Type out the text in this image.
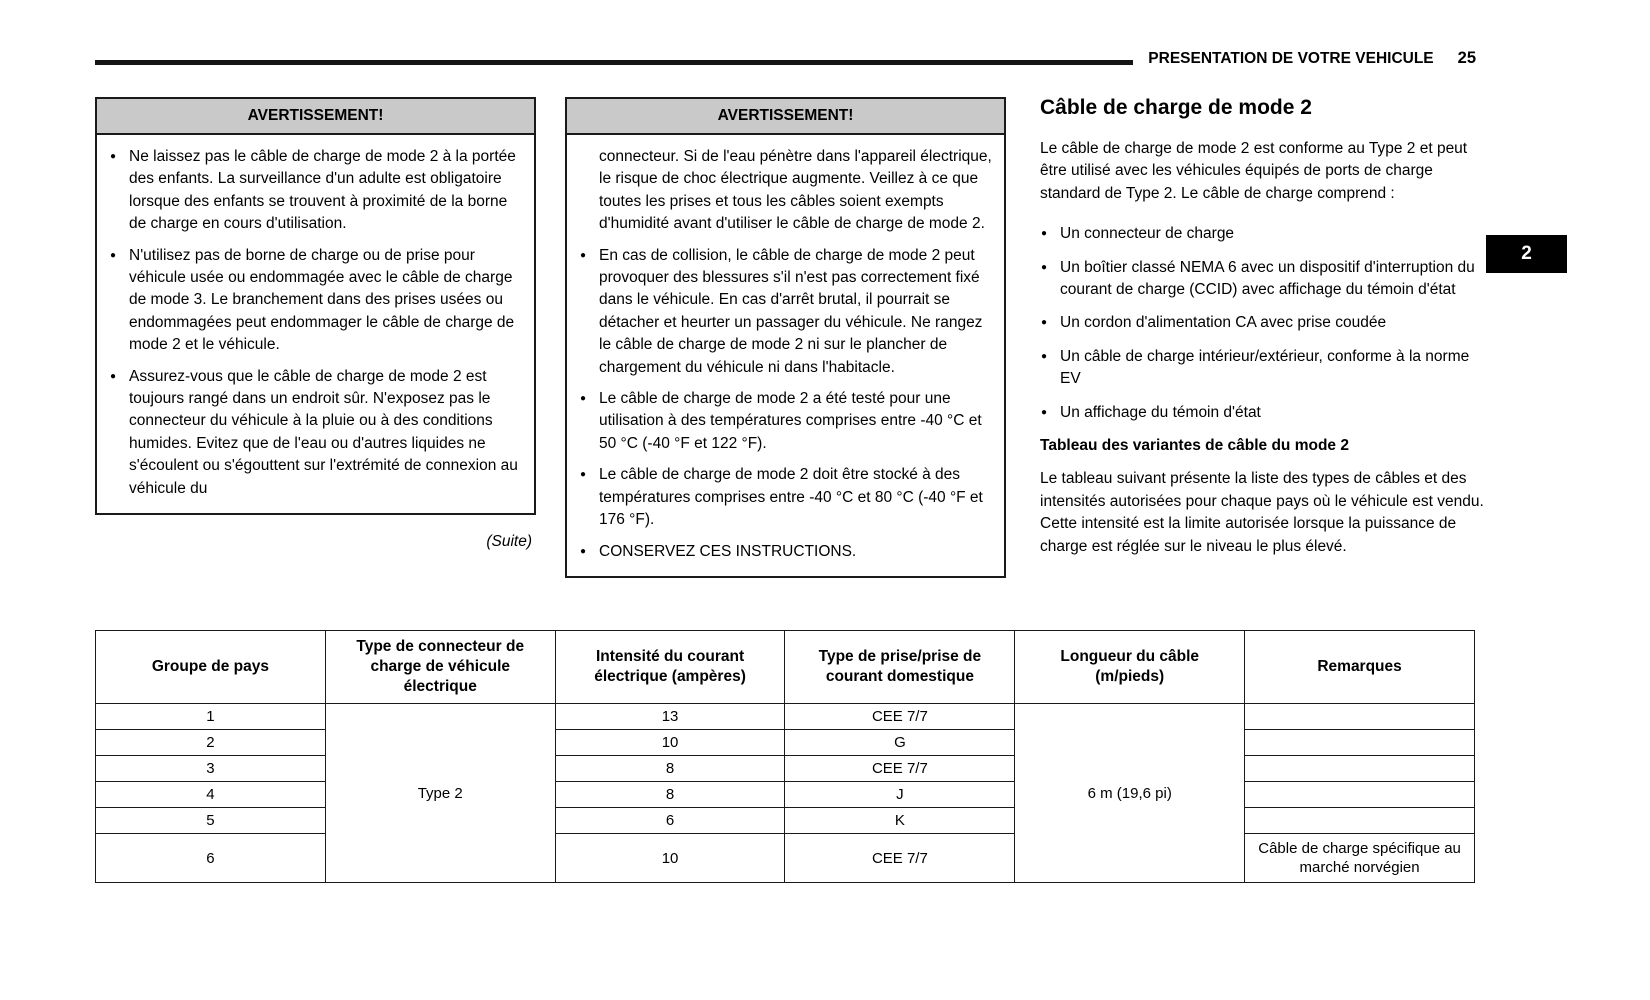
PRESENTATION DE VOTRE VEHICULE 25
2
AVERTISSEMENT!
● Ne laissez pas le câble de charge de mode 2 à la portée des enfants. La surveillance d'un adulte est obligatoire lorsque des enfants se trouvent à proximité de la borne de charge en cours d'utilisation.
● N'utilisez pas de borne de charge ou de prise pour véhicule usée ou endommagée avec le câble de charge de mode 3. Le branchement dans des prises usées ou endommagées peut endommager le câble de charge de mode 2 et le véhicule.
● Assurez-vous que le câble de charge de mode 2 est toujours rangé dans un endroit sûr. N'exposez pas le connecteur du véhicule à la pluie ou à des conditions humides. Evitez que de l'eau ou d'autres liquides ne s'écoulent ou s'égouttent sur l'extrémité de connexion au véhicule du
(Suite)
AVERTISSEMENT!

connecteur. Si de l'eau pénètre dans l'appareil électrique, le risque de choc électrique augmente. Veillez à ce que toutes les prises et tous les câbles soient exempts d'humidité avant d'utiliser le câble de charge de mode 2.

● En cas de collision, le câble de charge de mode 2 peut provoquer des blessures s'il n'est pas correctement fixé dans le véhicule. En cas d'arrêt brutal, il pourrait se détacher et heurter un passager du véhicule. Ne rangez le câble de charge de mode 2 ni sur le plancher de chargement du véhicule ni dans l'habitacle.
● Le câble de charge de mode 2 a été testé pour une utilisation à des températures comprises entre -40 °C et 50 °C (-40 °F et 122 °F).
● Le câble de charge de mode 2 doit être stocké à des températures comprises entre -40 °C et 80 °C (-40 °F et 176 °F).
● CONSERVEZ CES INSTRUCTIONS.
Câble de charge de mode 2

Le câble de charge de mode 2 est conforme au Type 2 et peut être utilisé avec les véhicules équipés de ports de charge standard de Type 2. Le câble de charge comprend :

● Un connecteur de charge
● Un boîtier classé NEMA 6 avec un dispositif d'interruption du courant de charge (CCID) avec affichage du témoin d'état
● Un cordon d'alimentation CA avec prise coudée
● Un câble de charge intérieur/extérieur, conforme à la norme EV
● Un affichage du témoin d'état

Tableau des variantes de câble du mode 2

Le tableau suivant présente la liste des types de câbles et des intensités autorisées pour chaque pays où le véhicule est vendu. Cette intensité est la limite autorisée lorsque la puissance de charge est réglée sur le niveau le plus élevé.

Groupe de pays	Type de connecteur de charge de véhicule électrique	Intensité du courant électrique (ampères)	Type de prise/prise de courant domestique	Longueur du câble (m/pieds)	Remarques
1	Type 2	13	CEE 7/7	6 m (19,6 pi)	
2		10	G		
3		8	CEE 7/7		
4		8	J		
5		6	K		
6		10	CEE 7/7		Câble de charge spécifique au marché norvégien
